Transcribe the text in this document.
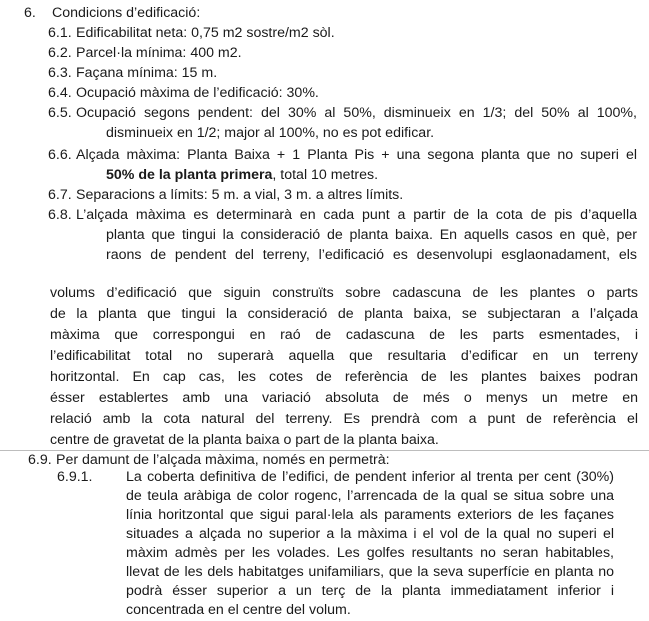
6. Condicions d’edificació:
6.1. Edificabilitat neta: 0,75 m2 sostre/m2 sòl.
6.2. Parcel·la mínima: 400 m2.
6.3. Façana mínima: 15 m.
6.4. Ocupació màxima de l’edificació: 30%.
6.5. Ocupació segons pendent: del 30% al 50%, disminueix en 1/3; del 50% al 100%,
disminueix en 1/2; major al 100%, no es pot edificar.
6.6. Alçada màxima: Planta Baixa + 1 Planta Pis + una segona planta que no superi el
50% de la planta primera, total 10 metres.
6.7. Separacions a límits: 5 m. a vial, 3 m. a altres límits.
6.8. L’alçada màxima es determinarà en cada punt a partir de la cota de pis d’aquella
planta que tingui la consideració de planta baixa. En aquells casos en què, per
raons de pendent del terreny, l’edificació es desenvolupi esglaonadament, els
volums d’edificació que siguin construïts sobre cadascuna de les plantes o parts
de la planta que tingui la consideració de planta baixa, se subjectaran a l’alçada
màxima que correspongui en raó de cadascuna de les parts esmentades, i
l’edificabilitat total no superarà aquella que resultaria d’edificar en un terreny
horitzontal. En cap cas, les cotes de referència de les plantes baixes podran
ésser establertes amb una variació absoluta de més o menys un metre en
relació amb la cota natural del terreny. Es prendrà com a punt de referència el
centre de gravetat de la planta baixa o part de la planta baixa.
6.9. Per damunt de l’alçada màxima, només en permetrà:
6.9.1. La coberta definitiva de l’edifici, de pendent inferior al trenta per cent (30%)
de teula aràbiga de color rogenc, l’arrencada de la qual se situa sobre una
línia horitzontal que sigui paral·lela als paraments exteriors de les façanes
situades a alçada no superior a la màxima i el vol de la qual no superi el
màxim admès per les volades. Les golfes resultants no seran habitables,
llevat de les dels habitatges unifamiliars, que la seva superfície en planta no
podrà ésser superior a un terç de la planta immediatament inferior i
concentrada en el centre del volum.
